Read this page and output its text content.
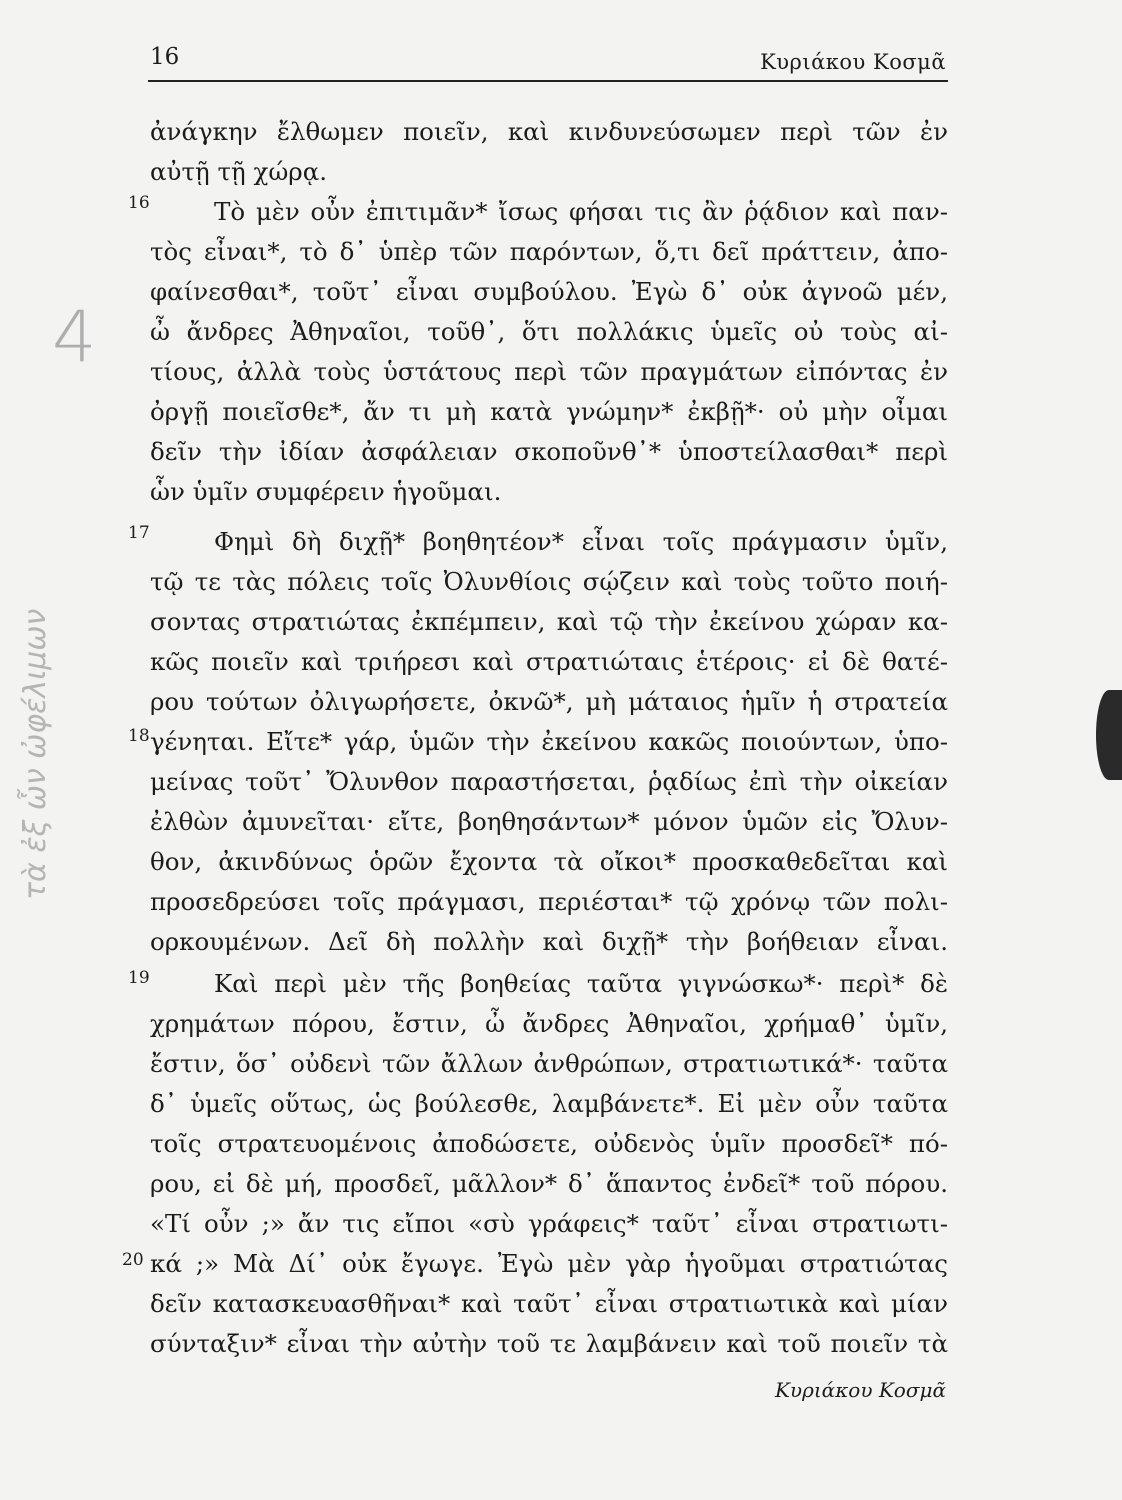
4
τὰ ἐξ ὧν ὠφέλιμων
16	Κυριάκου Κοσμᾶ
16
17
18
19
20
ἀνάγκην ἔλθωμεν ποιεῖν, καὶ κινδυνεύσωμεν περὶ τῶν ἐν
αὐτῇ τῇ χώρᾳ.
Τὸ μὲν οὖν ἐπιτιμᾶν* ἴσως φήσαι τις ἂν ῥᾴδιον καὶ παν-
τὸς εἶναι*, τὸ δ᾽ ὑπὲρ τῶν παρόντων, ὅ,τι δεῖ πράττειν, ἀπο-
φαίνεσθαι*, τοῦτ᾽ εἶναι συμβούλου. Ἐγὼ δ᾽ οὐκ ἀγνοῶ μέν,
ὦ ἄνδρες Ἀθηναῖοι, τοῦθ᾽, ὅτι πολλάκις ὑμεῖς οὐ τοὺς αἰ-
τίους, ἀλλὰ τοὺς ὑστάτους περὶ τῶν πραγμάτων εἰπόντας ἐν
ὀργῇ ποιεῖσθε*, ἄν τι μὴ κατὰ γνώμην* ἐκβῇ*· οὐ μὴν οἶμαι
δεῖν τὴν ἰδίαν ἀσφάλειαν σκοποῦνθ᾽* ὑποστείλασθαι* περὶ
ὧν ὑμῖν συμφέρειν ἡγοῦμαι.
Φημὶ δὴ διχῇ* βοηθητέον* εἶναι τοῖς πράγμασιν ὑμῖν,
τῷ τε τὰς πόλεις τοῖς Ὀλυνθίοις σῴζειν καὶ τοὺς τοῦτο ποιή-
σοντας στρατιώτας ἐκπέμπειν, καὶ τῷ τὴν ἐκείνου χώραν κα-
κῶς ποιεῖν καὶ τριήρεσι καὶ στρατιώταις ἑτέροις· εἰ δὲ θατέ-
ρου τούτων ὀλιγωρήσετε, ὀκνῶ*, μὴ μάταιος ἡμῖν ἡ στρατεία
γένηται. Εἴτε* γάρ, ὑμῶν τὴν ἐκείνου κακῶς ποιούντων, ὑπο-
μείνας τοῦτ᾽ Ὄλυνθον παραστήσεται, ῥᾳδίως ἐπὶ τὴν οἰκείαν
ἐλθὼν ἀμυνεῖται· εἴτε, βοηθησάντων* μόνον ὑμῶν εἰς Ὄλυν-
θον, ἀκινδύνως ὁρῶν ἔχοντα τὰ οἴκοι* προσκαθεδεῖται καὶ
προσεδρεύσει τοῖς πράγμασι, περιέσται* τῷ χρόνῳ τῶν πολι-
ορκουμένων. Δεῖ δὴ πολλὴν καὶ διχῇ* τὴν βοήθειαν εἶναι.
Καὶ περὶ μὲν τῆς βοηθείας ταῦτα γιγνώσκω*· περὶ* δὲ
χρημάτων πόρου, ἔστιν, ὦ ἄνδρες Ἀθηναῖοι, χρήμαθ᾽ ὑμῖν,
ἔστιν, ὅσ᾽ οὐδενὶ τῶν ἄλλων ἀνθρώπων, στρατιωτικά*· ταῦτα
δ᾽ ὑμεῖς οὕτως, ὡς βούλεσθε, λαμβάνετε*. Εἰ μὲν οὖν ταῦτα
τοῖς στρατευομένοις ἀποδώσετε, οὐδενὸς ὑμῖν προσδεῖ* πό-
ρου, εἰ δὲ μή, προσδεῖ, μᾶλλον* δ᾽ ἅπαντος ἐνδεῖ* τοῦ πόρου.
«Τί οὖν ;» ἄν τις εἴποι «σὺ γράφεις* ταῦτ᾽ εἶναι στρατιωτι-
κά ;» Μὰ Δί᾽ οὐκ ἔγωγε. Ἐγὼ μὲν γὰρ ἡγοῦμαι στρατιώτας
δεῖν κατασκευασθῆναι* καὶ ταῦτ᾽ εἶναι στρατιωτικὰ καὶ μίαν
σύνταξιν* εἶναι τὴν αὐτὴν τοῦ τε λαμβάνειν καὶ τοῦ ποιεῖν τὰ
Κυριάκου Κοσμᾶ
